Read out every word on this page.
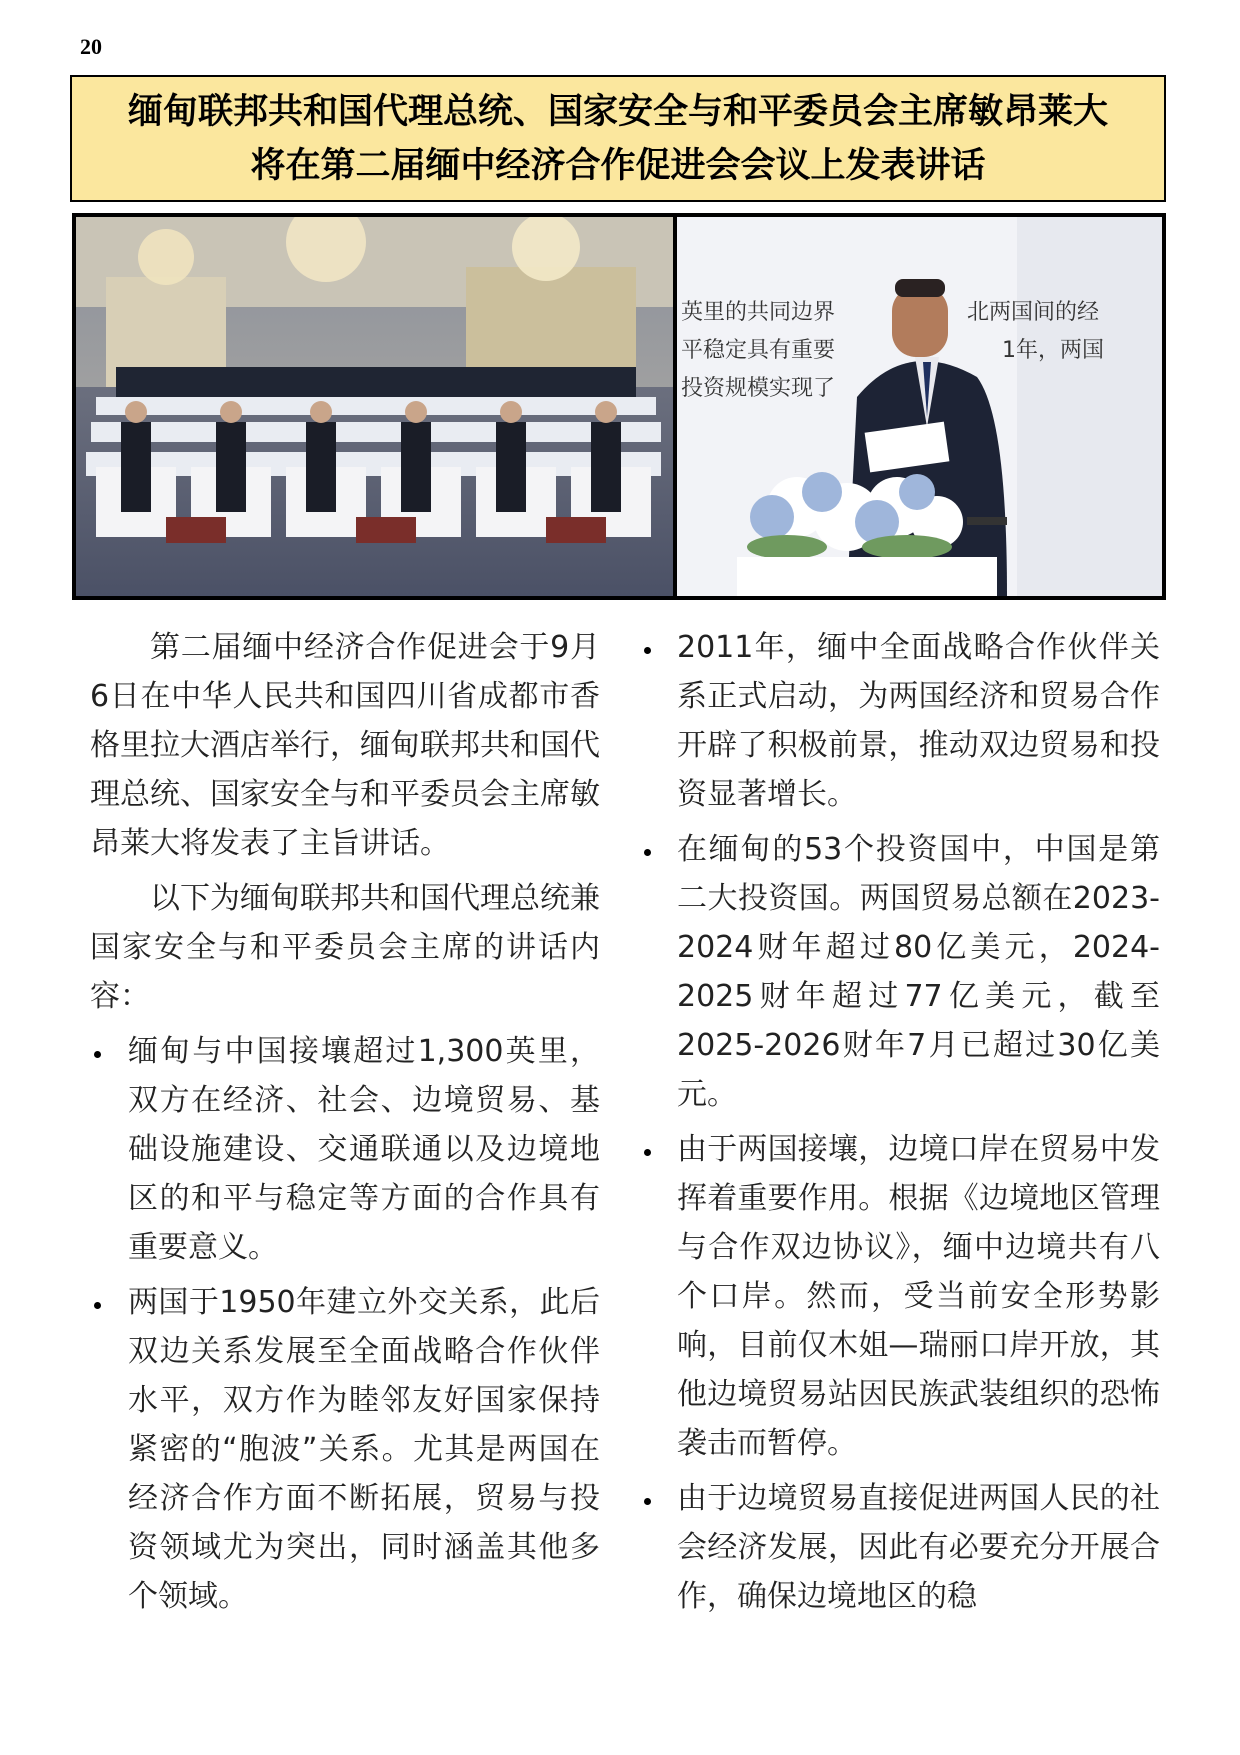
20
缅甸联邦共和国代理总统、国家安全与和平委员会主席敏昂莱大
将在第二届缅中经济合作促进会会议上发表讲话
英里的共同边界	北两国间的经
平稳定具有重要	1年，两国
投资规模实现了

第二届缅中经济合作促进会于9月6日在中华人民共和国四川省成都市香格里拉大酒店举行，缅甸联邦共和国代理总统、国家安全与和平委员会主席敏昂莱大将发表了主旨讲话。

以下为缅甸联邦共和国代理总统兼国家安全与和平委员会主席的讲话内容：

缅甸与中国接壤超过1,300英里，双方在经济、社会、边境贸易、基础设施建设、交通联通以及边境地区的和平与稳定等方面的合作具有重要意义。
两国于1950年建立外交关系，此后双边关系发展至全面战略合作伙伴水平，双方作为睦邻友好国家保持紧密的“胞波”关系。尤其是两国在经济合作方面不断拓展，贸易与投资领域尤为突出，同时涵盖其他多个领域。
2011年，缅中全面战略合作伙伴关系正式启动，为两国经济和贸易合作开辟了积极前景，推动双边贸易和投资显著增长。
在缅甸的53个投资国中，中国是第二大投资国。两国贸易总额在2023-2024财年超过80亿美元，2024-2025财年超过77亿美元，截至2025-2026财年7月已超过30亿美元。
由于两国接壤，边境口岸在贸易中发挥着重要作用。根据《边境地区管理与合作双边协议》，缅中边境共有八个口岸。然而，受当前安全形势影响，目前仅木姐—瑞丽口岸开放，其他边境贸易站因民族武装组织的恐怖袭击而暂停。
由于边境贸易直接促进两国人民的社会经济发展，因此有必要充分开展合作，确保边境地区的稳
